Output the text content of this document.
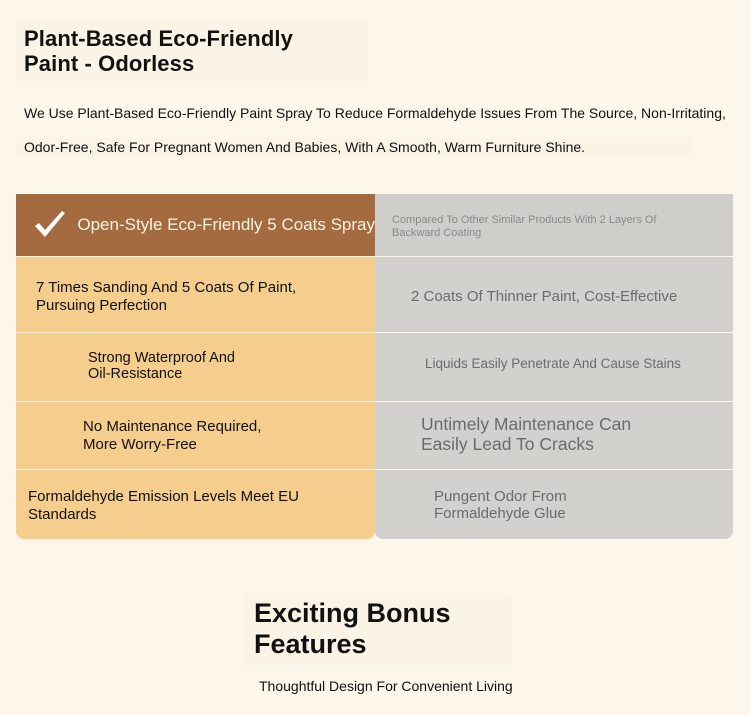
Plant-Based Eco-Friendly
Paint - Odorless
We Use Plant-Based Eco-Friendly Paint Spray To Reduce Formaldehyde Issues From The Source, Non-Irritating,
Odor-Free, Safe For Pregnant Women And Babies, With A Smooth, Warm Furniture Shine.
Open-Style Eco-Friendly 5 Coats Spray
7 Times Sanding And 5 Coats Of Paint,
Pursuing Perfection
Strong Waterproof And
Oil-Resistance
No Maintenance Required,
More Worry-Free
Formaldehyde Emission Levels Meet EU
Standards
Compared To Other Similar Products With 2 Layers Of
Backward Coating
2 Coats Of Thinner Paint, Cost-Effective
Liquids Easily Penetrate And Cause Stains
Untimely Maintenance Can
Easily Lead To Cracks
Pungent Odor From
Formaldehyde Glue
Exciting Bonus
Features
Thoughtful Design For Convenient Living
